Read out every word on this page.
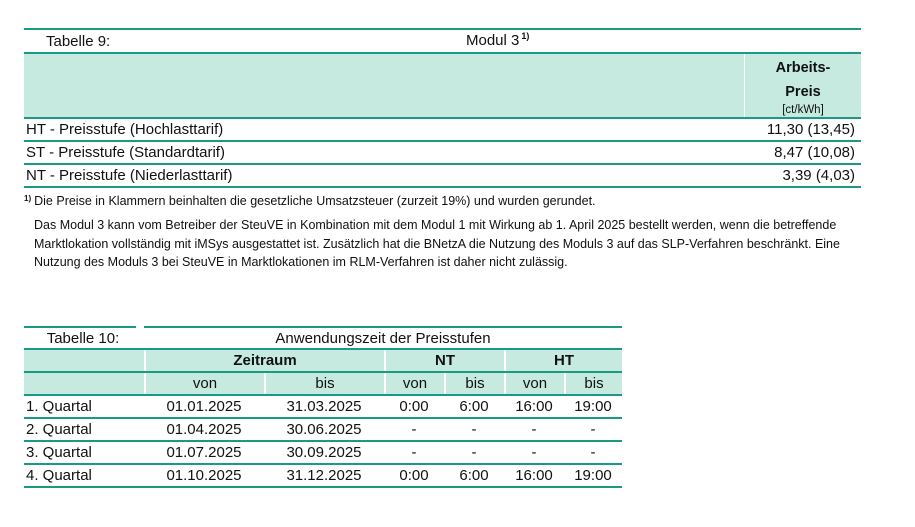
Tabelle 9:	Modul 3 $^{1)}$
Arbeits-
Preis
[ct/kWh]
HT - Preisstufe (Hochlasttarif)	11,30 (13,45)
ST - Preisstufe (Standardtarif)	8,47 (10,08)
NT - Preisstufe (Niederlasttarif)	3,39 (4,03)
$^{1)}$ Die Preise in Klammern beinhalten die gesetzliche Umsatzsteuer (zurzeit 19%) und wurden gerundet.
Das Modul 3 kann vom Betreiber der SteuVE in Kombination mit dem Modul 1 mit Wirkung ab 1. April 2025 bestellt werden, wenn die betreffende
Marktlokation vollständig mit iMSys ausgestattet ist. Zusätzlich hat die BNetzA die Nutzung des Moduls 3 auf das SLP-Verfahren beschränkt. Eine
Nutzung des Moduls 3 bei SteuVE in Marktlokationen im RLM-Verfahren ist daher nicht zulässig.
Tabelle 10:	Anwendungszeit der Preisstufen
Zeitraum	NT	HT
von	bis	von	bis	von	bis
1. Quartal	01.01.2025	31.03.2025	0:00	6:00	16:00	19:00
2. Quartal	01.04.2025	30.06.2025	-	-	-	-
3. Quartal	01.07.2025	30.09.2025	-	-	-	-
4. Quartal	01.10.2025	31.12.2025	0:00	6:00	16:00	19:00
